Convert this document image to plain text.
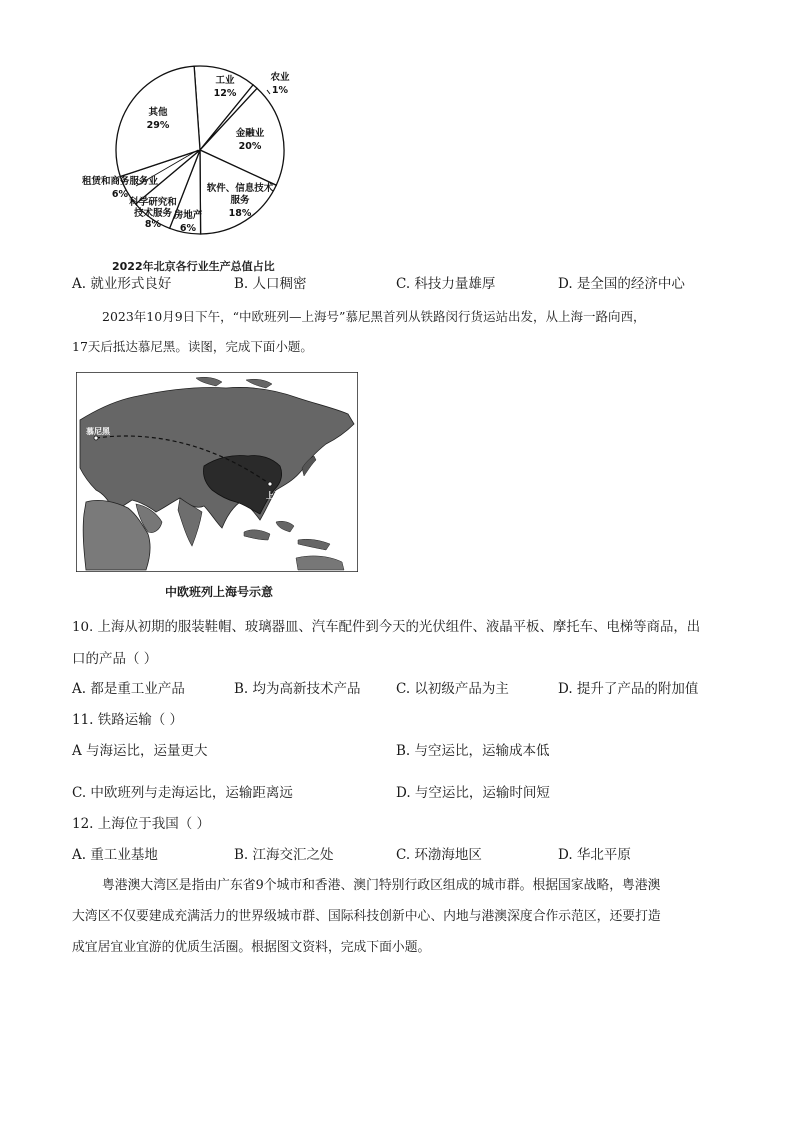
工业
12%
农业
1%
金融业
20%
软件、信息技术
服务
18%
房地产
6%
科学研究和
技术服务
8%
租赁和商务服务业
6%
其他
29%
2022年北京各行业生产总值占比
A. 就业形式良好	B. 人口稠密	C. 科技力量雄厚	D. 是全国的经济中心
2023年10月9日下午，“中欧班列—上海号”慕尼黑首列从铁路闵行货运站出发，从上海一路向西，
17天后抵达慕尼黑。读图，完成下面小题。
慕尼黑
上海
中欧班列上海号示意
10. 上海从初期的服装鞋帽、玻璃器皿、汽车配件到今天的光伏组件、液晶平板、摩托车、电梯等商品，出
口的产品（ ）
A. 都是重工业产品	B. 均为高新技术产品	C. 以初级产品为主	D. 提升了产品的附加值
11. 铁路运输（ ）
A 与海运比，运量更大	B. 与空运比，运输成本低
C. 中欧班列与走海运比，运输距离远	D. 与空运比，运输时间短
12. 上海位于我国（ ）
A. 重工业基地	B. 江海交汇之处	C. 环渤海地区	D. 华北平原
粤港澳大湾区是指由广东省9个城市和香港、澳门特别行政区组成的城市群。根据国家战略，粤港澳
大湾区不仅要建成充满活力的世界级城市群、国际科技创新中心、内地与港澳深度合作示范区，还要打造
成宜居宜业宜游的优质生活圈。根据图文资料，完成下面小题。
